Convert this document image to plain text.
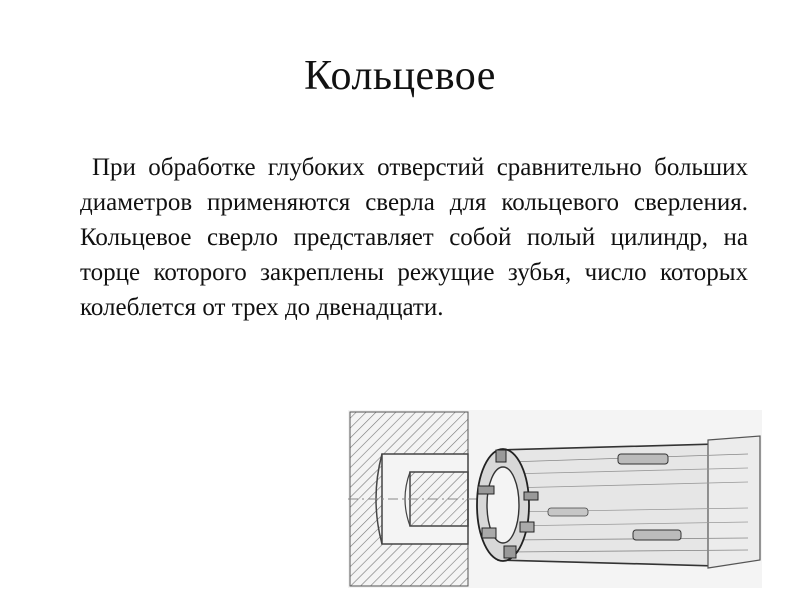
Кольцевое

При обработке глубоких отверстий сравнительно больших диаметров применяются сверла для кольцевого сверления. Кольцевое сверло представляет собой полый цилиндр, на торце которого закреплены режущие зубья, число которых колеблется от трех до двенадцати.
